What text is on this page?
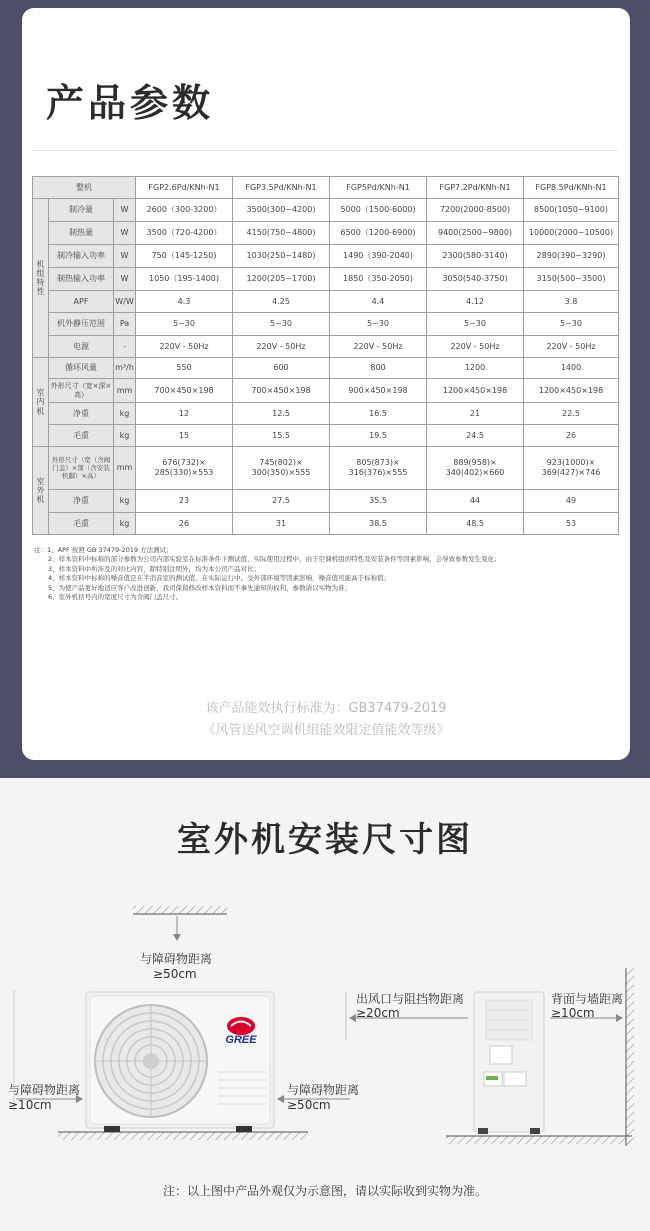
产品参数
整机			FGP2.6Pd/KNh-N1	FGP3.5Pd/KNh-N1	FGP5Pd/KNh-N1	FGP7.2Pd/KNh-N1	FGP8.5Pd/KNh-N1
机组特性	制冷量	W	2600（300-3200）	3500(300~4200)	5000（1500-6000)	7200(2000-8500)	8500(1050~9100)
	制热量	W	3500（720-4200）	4150(750~4800)	6500（1200-6900)	9400(2500~9800)	10000(2000~10500)
	制冷输入功率	W	750（145-1250)	1030(250~1480)	1490（390-2040)	2300(580-3140)	2890(390~3290)
	制热输入功率	W	1050（195-1400)	1200(205~1700)	1850（350-2050)	3050(540-3750)	3150(500~3500)
	APF	W/W	4.3	4.25	4.4	4.12	3.8
	机外静压范围	Pa	5~30	5~30	5~30	5~30	5~30
	电源	-	220V - 50Hz	220V - 50Hz	220V - 50Hz	220V - 50Hz	220V - 50Hz
室内机	循环风量	m³/h	550	600	800	1200	1400
	外形尺寸（宽×深×高）	mm	700×450×198	700×450×198	900×450×198	1200×450×198	1200×450×198
	净重	kg	12	12.5	16.5	21	22.5
	毛重	kg	15	15.5	19.5	24.5	26
室外机	外形尺寸（宽（含阀门盖）×深（含安装机脚）×高）	mm	676(732)× 285(330)×553	745(802)× 300(350)×555	805(873)× 316(376)×555	889(958)× 340(402)×660	923(1000)× 369(427)×746
	净重	kg	23	27.5	35.5	44	49
	毛重	kg	26	31	38.5	48.5	53
注：1、APF 按照 GB 37479-2019 方法测试；
2、样本资料中标称的部分参数为公司内部实验室在标准条件下测试值，实际使用过程中，由于空调机组的特性及安装条件等因素影响，会导致参数发生变化；
3、样本资料中所涉及的对比内容，除特别注明外，均为本公司产品对比；
4、样本资料中标称的噪音值是在半消音室的测试值，在实际运行中，受外部环境等因素影响，噪音值可能高于标称值；
5、为使产品更好地适应客户改进创新，我司保留修改样本资料而不事先通知的权利，参数请以实物为准；
6、室外机括号内的宽度尺寸为含阀门盖尺寸。
该产品能效执行标准为：GB37479-2019
《风管送风空调机组能效限定值能效等级》
室外机安装尺寸图
GREE
与障碍物距离
≥50cm
与障碍物距离
≥10cm
与障碍物距离
≥50cm
出风口与阻挡物距离
≥20cm
背面与墙距离
≥10cm
注：以上图中产品外观仅为示意图，请以实际收到实物为准。
